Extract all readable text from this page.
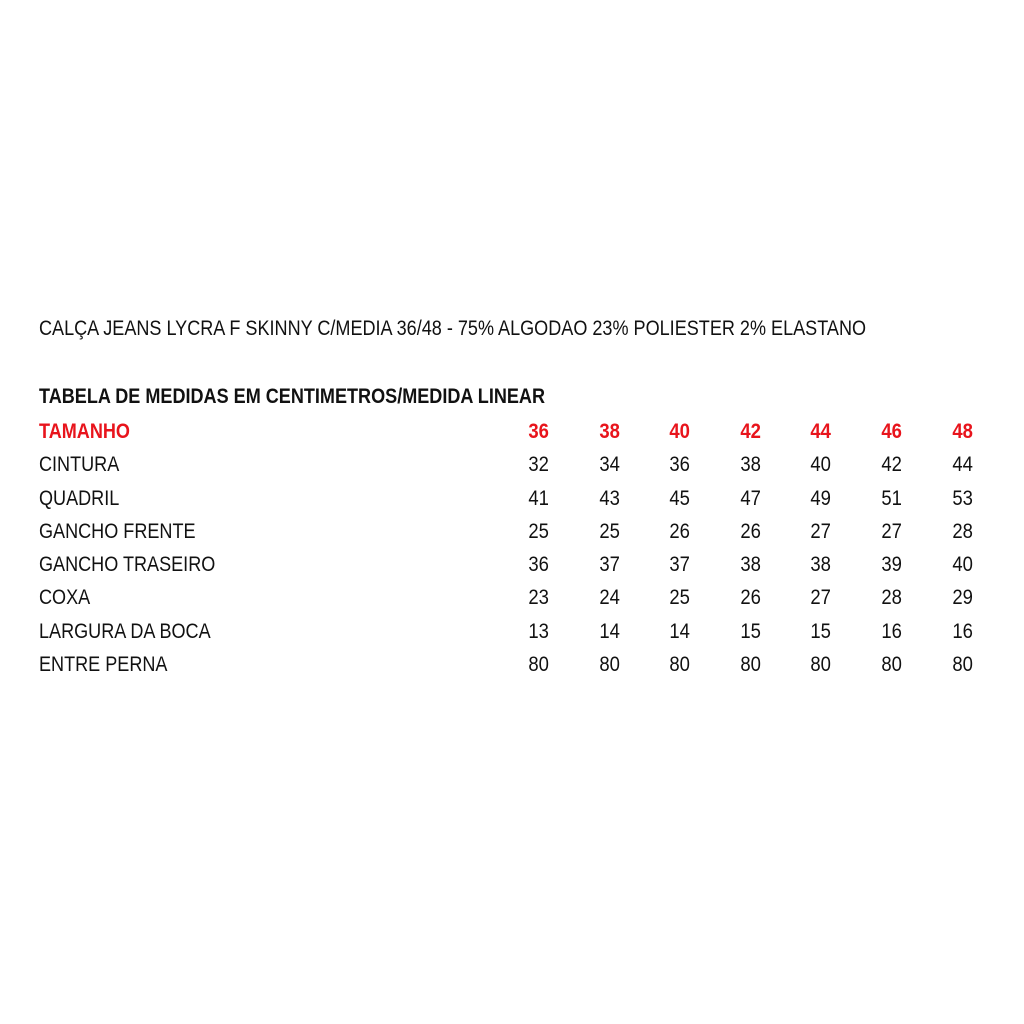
CALÇA JEANS LYCRA F SKINNY C/MEDIA 36/48 - 75% ALGODAO 23% POLIESTER 2% ELASTANO
TABELA DE MEDIDAS EM CENTIMETROS/MEDIDA LINEAR
TAMANHO	36	38	40	42	44	46	48
CINTURA	32	34	36	38	40	42	44
QUADRIL	41	43	45	47	49	51	53
GANCHO FRENTE	25	25	26	26	27	27	28
GANCHO TRASEIRO	36	37	37	38	38	39	40
COXA	23	24	25	26	27	28	29
LARGURA DA BOCA	13	14	14	15	15	16	16
ENTRE PERNA	80	80	80	80	80	80	80
